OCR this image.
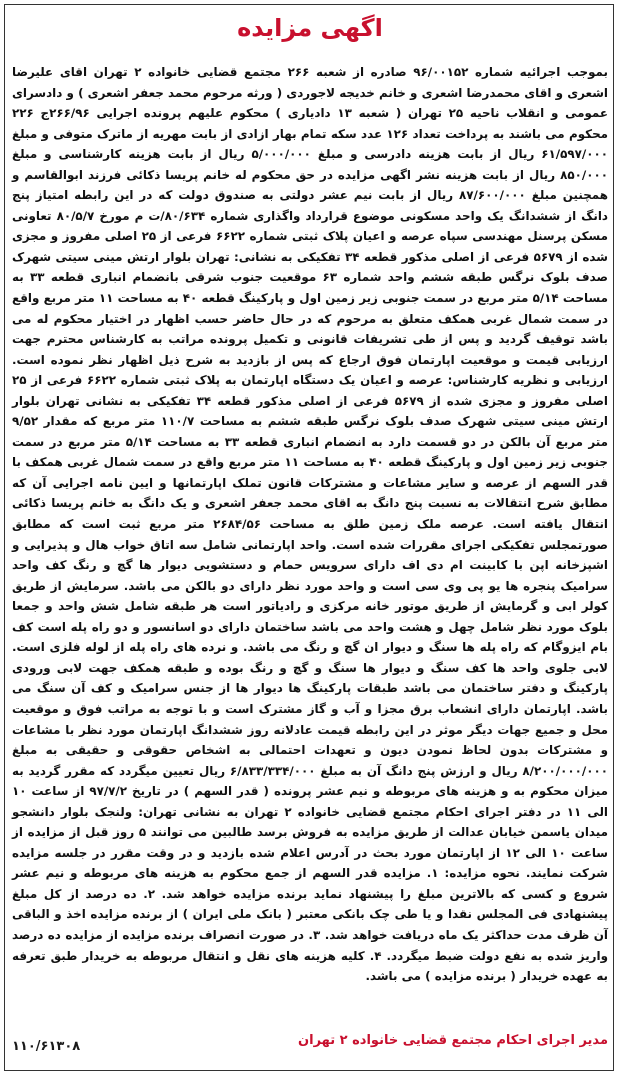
اگهی مزایده
بموجب اجرائیه شماره ۹۶/۰۰۱۵۲ صادره از شعبه ۲۶۶ مجتمع قضایی خانواده ۲ تهران اقای علیرضا اشعری و اقای محمدرضا اشعری و خانم خدیجه لاجوردی ( ورثه مرحوم محمد جعفر اشعری ) و دادسرای عمومی و انقلاب ناحیه ۲۵ تهران ( شعبه ۱۳ دادیاری ) محکوم علیهم پرونده اجرایی ۲۶۶/۹۶ج ۲۲۶ محکوم می باشند به پرداخت تعداد ۱۲۶ عدد سکه تمام بهار ازادی از بابت مهریه از ماترک متوفی و مبلغ ۶۱/۵۹۷/۰۰۰ ریال از بابت هزینه دادرسی و مبلغ ۵/۰۰۰/۰۰۰ ریال از بابت هزینه کارشناسی و مبلغ ۸۵۰/۰۰۰ ریال از بابت هزینه نشر اگهی مزایده در حق محکوم له خانم پریسا ذکائی فرزند ابوالقاسم و همچنین مبلغ ۸۷/۶۰۰/۰۰۰ ریال از بابت نیم عشر دولتی به صندوق دولت که در این رابطه امتیاز پنج دانگ از ششدانگ یک واحد مسکونی موضوع قرارداد واگذاری شماره ۸۰/۶۳۴/ت م مورخ ۸۰/۵/۷ تعاونی مسکن پرسنل مهندسی سپاه عرصه و اعیان پلاک ثبتی شماره ۶۶۲۲ فرعی از ۲۵ اصلی مفروز و مجزی شده از ۵۶۷۹ فرعی از اصلی مذکور قطعه ۳۴ تفکیکی به نشانی: تهران بلوار ارتش مینی سیتی شهرک صدف بلوک نرگس طبقه ششم واحد شماره ۶۳ موقعیت جنوب شرقی بانضمام انباری قطعه ۳۳ به مساحت ۵/۱۴ متر مربع در سمت جنوبی زیر زمین اول و پارکینگ قطعه ۴۰ به مساحت ۱۱ متر مربع واقع در سمت شمال غربی همکف متعلق به مرحوم که در حال حاضر حسب اظهار در اختیار محکوم له می باشد توقیف گردید و پس از طی تشریفات قانونی و تکمیل پرونده مراتب به کارشناس محترم جهت ارزیابی قیمت و موقعیت اپارتمان فوق ارجاع که پس از بازدید به شرح ذیل اظهار نظر نموده است. ارزیابی و نظریه کارشناس: عرصه و اعیان یک دستگاه اپارتمان به پلاک ثبتی شماره ۶۶۲۲ فرعی از ۲۵ اصلی مفروز و مجزی شده از ۵۶۷۹ فرعی از اصلی مذکور قطعه ۳۴ تفکیکی به نشانی تهران بلوار ارتش مینی سیتی شهرک صدف بلوک نرگس طبقه ششم به مساحت ۱۱۰/۷ متر مربع که مقدار ۹/۵۲ متر مربع آن بالکن در دو قسمت دارد به انضمام انباری قطعه ۳۳ به مساحت ۵/۱۴ متر مربع در سمت جنوبی زیر زمین اول و پارکینگ قطعه ۴۰ به مساحت ۱۱ متر مربع واقع در سمت شمال غربی همکف با قدر السهم از عرصه و سایر مشاعات و مشترکات قانون تملک اپارتمانها و ایین نامه اجرایی آن که مطابق شرح انتقالات به نسبت پنج دانگ به اقای محمد جعفر اشعری و یک دانگ به خانم پریسا ذکائی انتقال یافته است. عرصه ملک زمین طلق به مساحت ۲۶۸۴/۵۶ متر مربع ثبت است که مطابق صورتمجلس تفکیکی اجرای مقررات شده است. واحد اپارتمانی شامل سه اتاق خواب هال و پذیرایی و اشپزخانه اپن با کابینت ام دی اف دارای سرویس حمام و دستشویی دیوار ها گچ و رنگ کف واحد سرامیک پنجره ها یو پی وی سی است و واحد مورد نظر دارای دو بالکن می باشد. سرمایش از طریق کولر ابی و گرمایش از طریق موتور خانه مرکزی و رادیاتور است هر طبقه شامل شش واحد و جمعا بلوک مورد نظر شامل چهل و هشت واحد می باشد ساختمان دارای دو اسانسور و دو راه پله است کف بام ایزوگام که راه پله ها سنگ و دیوار ان گچ و رنگ می باشد. و نرده های راه پله از لوله فلزی است. لابی جلوی واحد ها کف سنگ و دیوار ها سنگ و گچ و رنگ بوده و طبقه همکف جهت لابی ورودی پارکینگ و دفتر ساختمان می باشد طبقات پارکینگ ها دیوار ها از جنس سرامیک و کف آن سنگ می باشد. اپارتمان دارای انشعاب برق مجزا و آب و گاز مشترک است و با توجه به مراتب فوق و موقعیت محل و جمیع جهات دیگر موثر در این رابطه قیمت عادلانه روز ششدانگ اپارتمان مورد نظر با مشاعات و مشترکات بدون لحاظ نمودن دیون و تعهدات احتمالی به اشخاص حقوقی و حقیقی به مبلغ ۸/۲۰۰/۰۰۰/۰۰۰ ریال و ارزش پنج دانگ آن به مبلغ ۶/۸۳۳/۳۳۴/۰۰۰ ریال تعیین میگردد که مقرر گردید به میزان محکوم به و هزینه های مربوطه و نیم عشر پرونده ( قدر السهم ) در تاریخ ۹۷/۷/۲ از ساعت ۱۰ الی ۱۱ در دفتر اجرای احکام مجتمع قضایی خانواده ۲ تهران به نشانی تهران: ولنجک بلوار دانشجو میدان یاسمن خیابان عدالت از طریق مزایده به فروش برسد طالبین می توانند ۵ روز قبل از مزایده از ساعت ۱۰ الی ۱۲ از اپارتمان مورد بحث در آدرس اعلام شده بازدید و در وقت مقرر در جلسه مزایده شرکت نمایند. نحوه مزایده: ۱. مزایده قدر السهم از جمع محکوم به هزینه های مربوطه و نیم عشر شروع و کسی که بالاترین مبلغ را پیشنهاد نماید برنده مزایده خواهد شد. ۲. ده درصد از کل مبلغ پیشنهادی فی المجلس نقدا و یا طی چک بانکی معتبر ( بانک ملی ایران ) از برنده مزایده اخذ و الباقی آن ظرف مدت حداکثر یک ماه دریافت خواهد شد. ۳. در صورت انصراف برنده مزایده از مزایده ده درصد واریز شده به نفع دولت ضبط میگردد. ۴. کلیه هزینه های نقل و انتقال مربوطه به خریدار طبق تعرفه به عهده خریدار ( برنده مزایده ) می باشد.
مدیر اجرای احکام مجتمع قضایی خانواده ۲ تهران
۱۱۰/۶۱۳۰۸
